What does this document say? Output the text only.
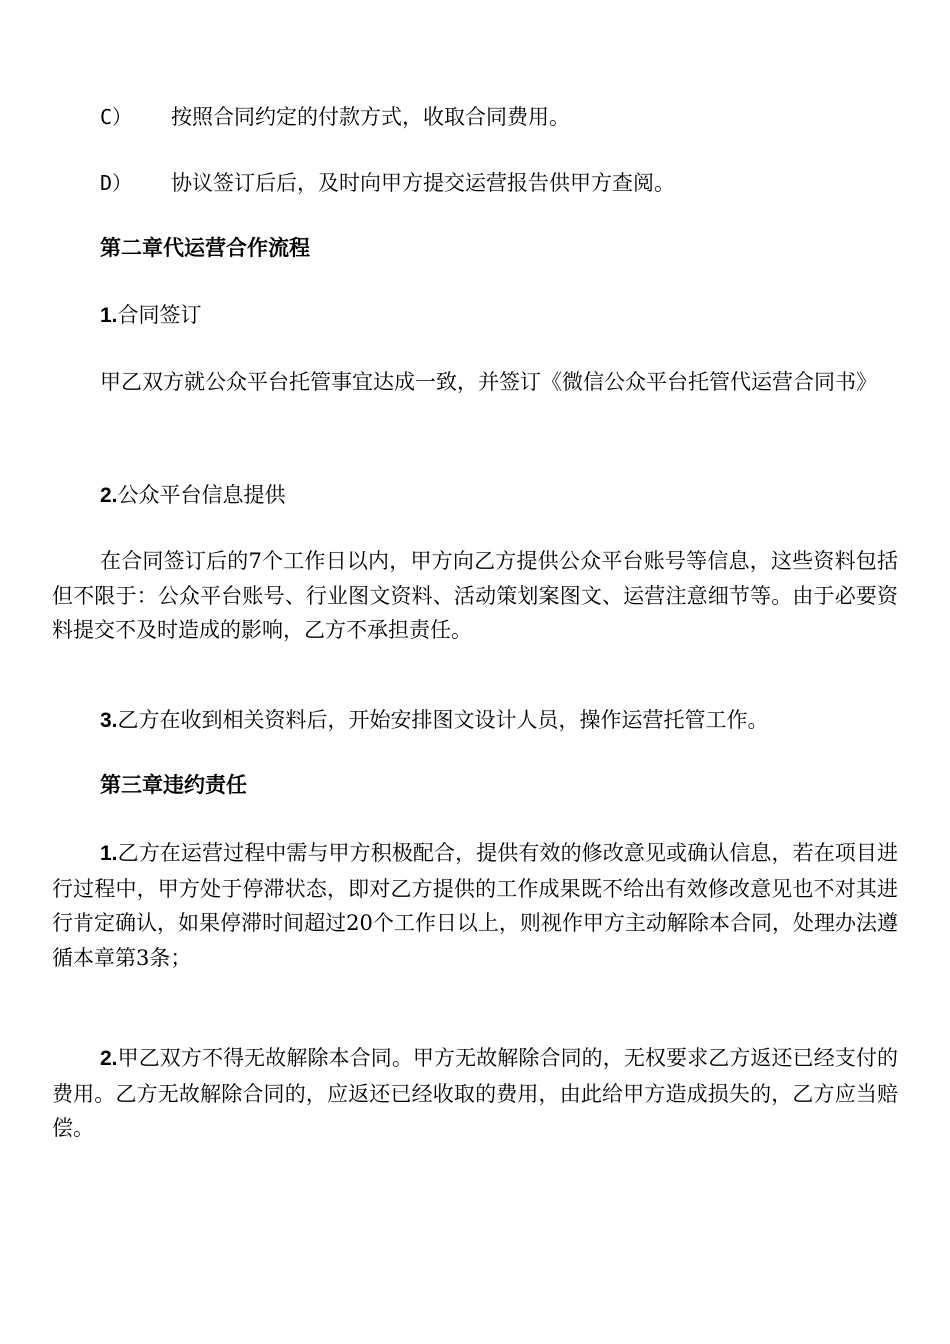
C） 按照合同约定的付款方式，收取合同费用。
D） 协议签订后后，及时向甲方提交运营报告供甲方查阅。
第二章代运营合作流程
1.合同签订

甲乙双方就公众平台托管事宜达成一致，并签订《微信公众平台托管代运营合同书》

2.公众平台信息提供

在合同签订后的7个工作日以内，甲方向乙方提供公众平台账号等信息，这些资料包括但不限于：公众平台账号、行业图文资料、活动策划案图文、运营注意细节等。由于必要资料提交不及时造成的影响，乙方不承担责任。

3.乙方在收到相关资料后，开始安排图文设计人员，操作运营托管工作。
第三章违约责任

1.乙方在运营过程中需与甲方积极配合，提供有效的修改意见或确认信息，若在项目进行过程中，甲方处于停滞状态，即对乙方提供的工作成果既不给出有效修改意见也不对其进行肯定确认，如果停滞时间超过20个工作日以上，则视作甲方主动解除本合同，处理办法遵循本章第3条；

2.甲乙双方不得无故解除本合同。甲方无故解除合同的，无权要求乙方返还已经支付的费用。乙方无故解除合同的，应返还已经收取的费用，由此给甲方造成损失的，乙方应当赔偿。
